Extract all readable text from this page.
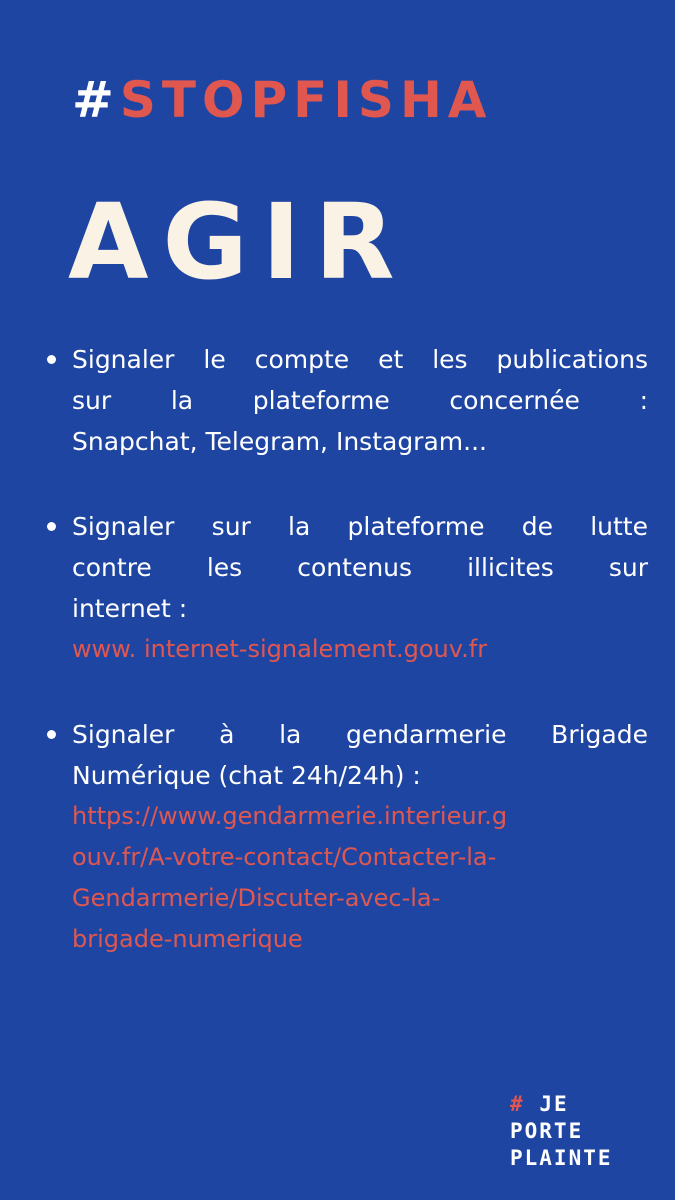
#STOPFISHA
AGIR
Signaler le compte et les publications
sur la plateforme concernée :
Snapchat, Telegram, Instagram...
Signaler sur la plateforme de lutte
contre les contenus illicites sur
internet :
www. internet-signalement.gouv.fr
Signaler à la gendarmerie Brigade
Numérique (chat 24h/24h) :
https://www.gendarmerie.interieur.g
ouv.fr/A-votre-contact/Contacter-la-
Gendarmerie/Discuter-avec-la-
brigade-numerique
# JE
PORTE
PLAINTE
